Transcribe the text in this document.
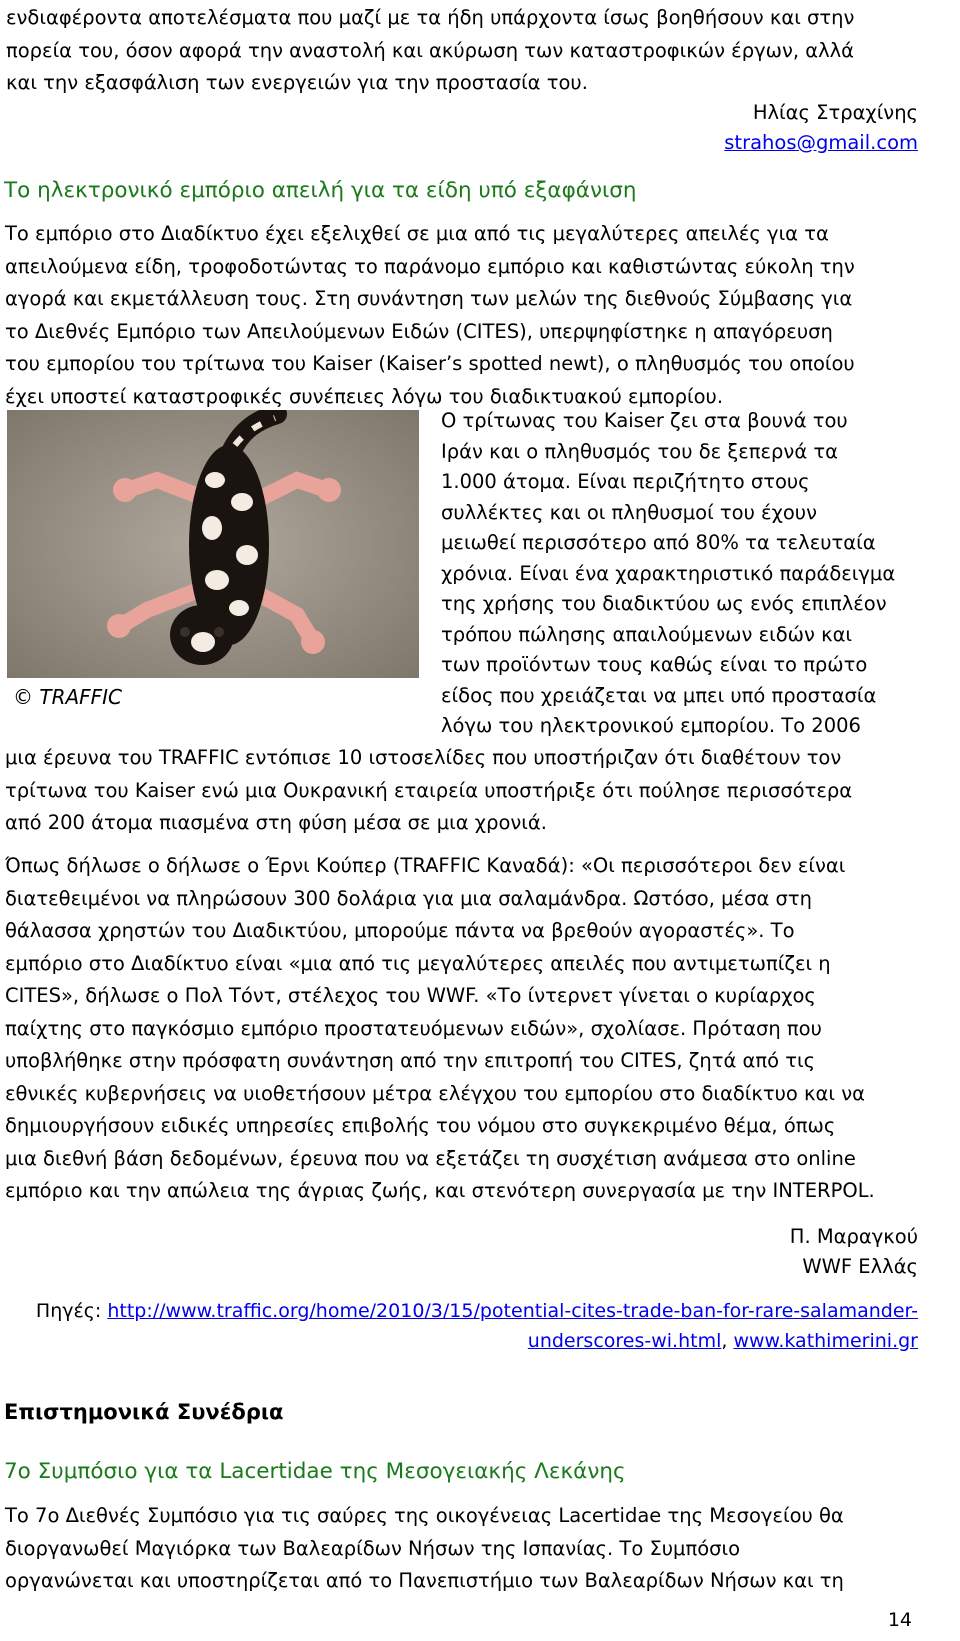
ενδιαφέροντα αποτελέσματα που μαζί με τα ήδη υπάρχοντα ίσως βοηθήσουν και στην
πορεία του, όσον αφορά την αναστολή και ακύρωση των καταστροφικών έργων, αλλά
και την εξασφάλιση των ενεργειών για την προστασία του.
Ηλίας Στραχίνης
strahos@gmail.com
Το ηλεκτρονικό εμπόριο απειλή για τα είδη υπό εξαφάνιση
Το εμπόριο στο Διαδίκτυο έχει εξελιχθεί σε μια από τις μεγαλύτερες απειλές για τα
απειλούμενα είδη, τροφοδοτώντας το παράνομο εμπόριο και καθιστώντας εύκολη την
αγορά και εκμετάλλευση τους. Στη συνάντηση των μελών της διεθνούς Σύμβασης για
το Διεθνές Εμπόριο των Απειλούμενων Ειδών (CITES), υπερψηφίστηκε η απαγόρευση
του εμπορίου του τρίτωνα του Kaiser (Kaiser’s spotted newt), ο πληθυσμός του οποίου
έχει υποστεί καταστροφικές συνέπειες λόγω του διαδικτυακού εμπορίου.
© TRAFFIC
Ο τρίτωνας του Kaiser ζει στα βουνά του
Ιράν και ο πληθυσμός του δε ξεπερνά τα
1.000 άτομα. Είναι περιζήτητο στους
συλλέκτες και οι πληθυσμοί του έχουν
μειωθεί περισσότερο από 80% τα τελευταία
χρόνια. Είναι ένα χαρακτηριστικό παράδειγμα
της χρήσης του διαδικτύου ως ενός επιπλέον
τρόπου πώλησης απαιλούμενων ειδών και
των προϊόντων τους καθώς είναι το πρώτο
είδος που χρειάζεται να μπει υπό προστασία
λόγω του ηλεκτρονικού εμπορίου. Το 2006
μια έρευνα του TRAFFIC εντόπισε 10 ιστοσελίδες που υποστήριζαν ότι διαθέτουν τον
τρίτωνα του Kaiser ενώ μια Ουκρανική εταιρεία υποστήριξε ότι πούλησε περισσότερα
από 200 άτομα πιασμένα στη φύση μέσα σε μια χρονιά.
Όπως δήλωσε ο δήλωσε ο Έρνι Κούπερ (TRAFFIC Καναδά): «Οι περισσότεροι δεν είναι
διατεθειμένοι να πληρώσουν 300 δολάρια για μια σαλαμάνδρα. Ωστόσο, μέσα στη
θάλασσα χρηστών του Διαδικτύου, μπορούμε πάντα να βρεθούν αγοραστές». Το
εμπόριο στο Διαδίκτυο είναι «μια από τις μεγαλύτερες απειλές που αντιμετωπίζει η
CITES», δήλωσε ο Πολ Τόντ, στέλεχος του WWF. «Το ίντερνετ γίνεται ο κυρίαρχος
παίχτης στο παγκόσμιο εμπόριο προστατευόμενων ειδών», σχολίασε. Πρόταση που
υποβλήθηκε στην πρόσφατη συνάντηση από την επιτροπή του CITES, ζητά από τις
εθνικές κυβερνήσεις να υιοθετήσουν μέτρα ελέγχου του εμπορίου στο διαδίκτυο και να
δημιουργήσουν ειδικές υπηρεσίες επιβολής του νόμου στο συγκεκριμένο θέμα, όπως
μια διεθνή βάση δεδομένων, έρευνα που να εξετάζει τη συσχέτιση ανάμεσα στο online
εμπόριο και την απώλεια της άγριας ζωής, και στενότερη συνεργασία με την INTERPOL.
Π. Μαραγκού
WWF Ελλάς
Πηγές: http://www.traffic.org/home/2010/3/15/potential-cites-trade-ban-for-rare-salamander-
underscores-wi.html, www.kathimerini.gr
Επιστημονικά Συνέδρια
7ο Συμπόσιο για τα Lacertidae της Μεσογειακής Λεκάνης
Το 7ο Διεθνές Συμπόσιο για τις σαύρες της οικογένειας Lacertidae της Μεσογείου θα
διοργανωθεί Μαγιόρκα των Βαλεαρίδων Νήσων της Ισπανίας. Το Συμπόσιο
οργανώνεται και υποστηρίζεται από το Πανεπιστήμιο των Βαλεαρίδων Νήσων και τη
14
